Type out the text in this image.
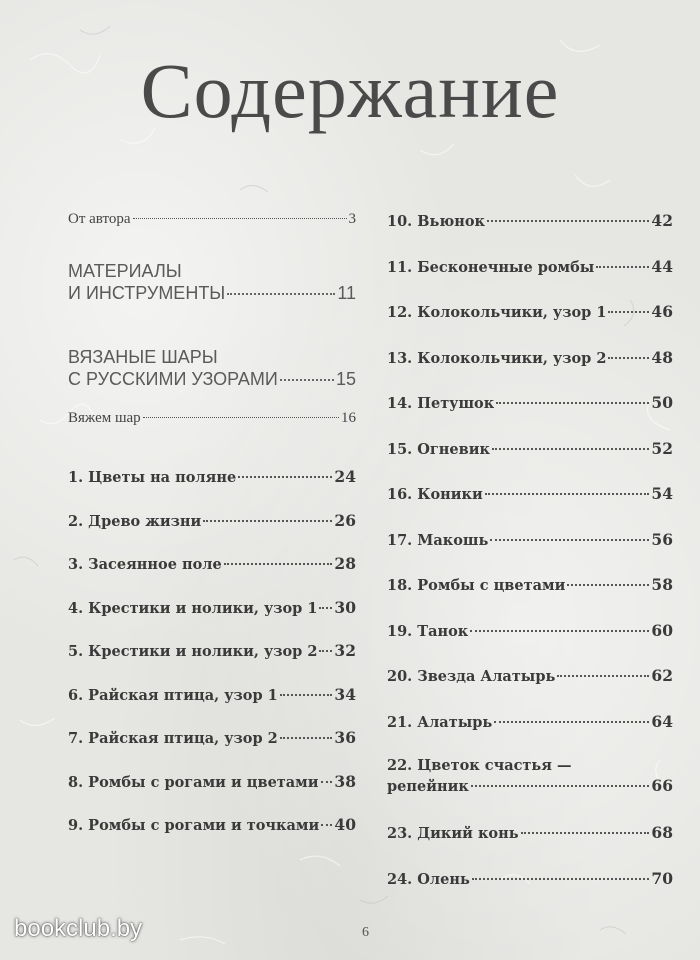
Содержание
От автора	3
МАТЕРИАЛЫ
И ИНСТРУМЕНТЫ	11
ВЯЗАНЫЕ ШАРЫ
С РУССКИМИ УЗОРАМИ	15
Вяжем шар	16
1. Цветы на поляне	24
2. Древо жизни	26
3. Засеянное поле	28
4. Крестики и нолики, узор 1 30
5. Крестики и нолики, узор 2 32
6. Райская птица, узор 1	34
7. Райская птица, узор 2	36
8. Ромбы с рогами и цветами 38
9. Ромбы с рогами и точками 40
10. Вьюнок	42
11. Бесконечные ромбы	44
12. Колокольчики, узор 1	46
13. Колокольчики, узор 2	48
14. Петушок	50
15. Огневик	52
16. Коники	54
17. Макошь	56
18. Ромбы с цветами	58
19. Танок	60
20. Звезда Алатырь	62
21. Алатырь	64
22. Цветок счастья —
репейник	66
23. Дикий конь	68
24. Олень	70
bookclub.by	6
